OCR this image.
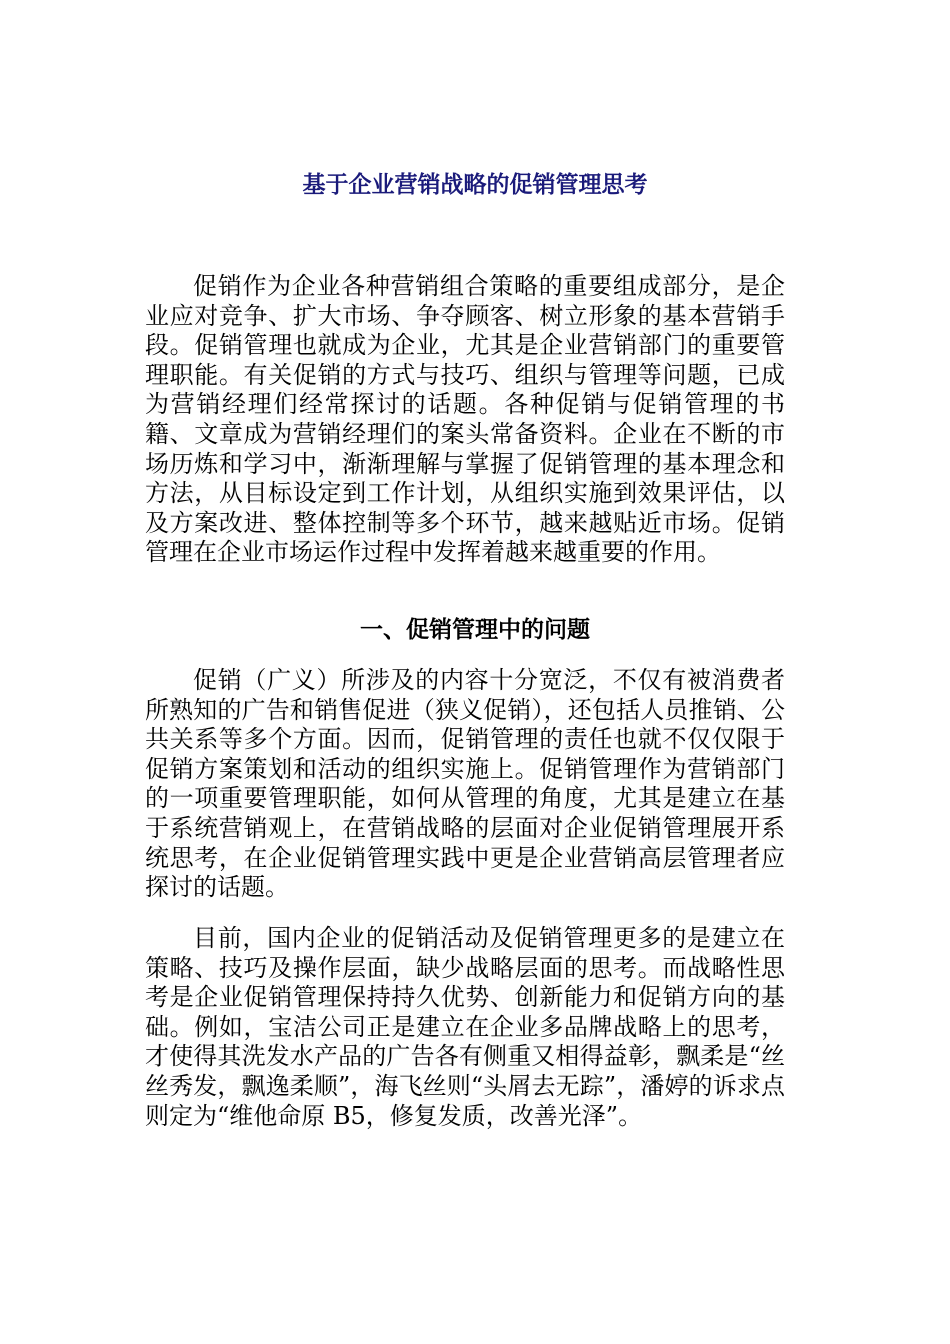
基于企业营销战略的促销管理思考

促销作为企业各种营销组合策略的重要组成部分，是企业应对竞争、扩大市场、争夺顾客、树立形象的基本营销手段。促销管理也就成为企业，尤其是企业营销部门的重要管理职能。有关促销的方式与技巧、组织与管理等问题，已成为营销经理们经常探讨的话题。各种促销与促销管理的书籍、文章成为营销经理们的案头常备资料。企业在不断的市场历炼和学习中，渐渐理解与掌握了促销管理的基本理念和方法，从目标设定到工作计划，从组织实施到效果评估，以及方案改进、整体控制等多个环节，越来越贴近市场。促销管理在企业市场运作过程中发挥着越来越重要的作用。

一、促销管理中的问题

促销（广义）所涉及的内容十分宽泛，不仅有被消费者所熟知的广告和销售促进（狭义促销），还包括人员推销、公共关系等多个方面。因而，促销管理的责任也就不仅仅限于促销方案策划和活动的组织实施上。促销管理作为营销部门的一项重要管理职能，如何从管理的角度，尤其是建立在基于系统营销观上，在营销战略的层面对企业促销管理展开系统思考，在企业促销管理实践中更是企业营销高层管理者应探讨的话题。

目前，国内企业的促销活动及促销管理更多的是建立在策略、技巧及操作层面，缺少战略层面的思考。而战略性思考是企业促销管理保持持久优势、创新能力和促销方向的基础。例如，宝洁公司正是建立在企业多品牌战略上的思考，才使得其洗发水产品的广告各有侧重又相得益彰，飘柔是“丝丝秀发，飘逸柔顺”，海飞丝则“头屑去无踪”，潘婷的诉求点则定为“维他命原 B5，修复发质，改善光泽”。
